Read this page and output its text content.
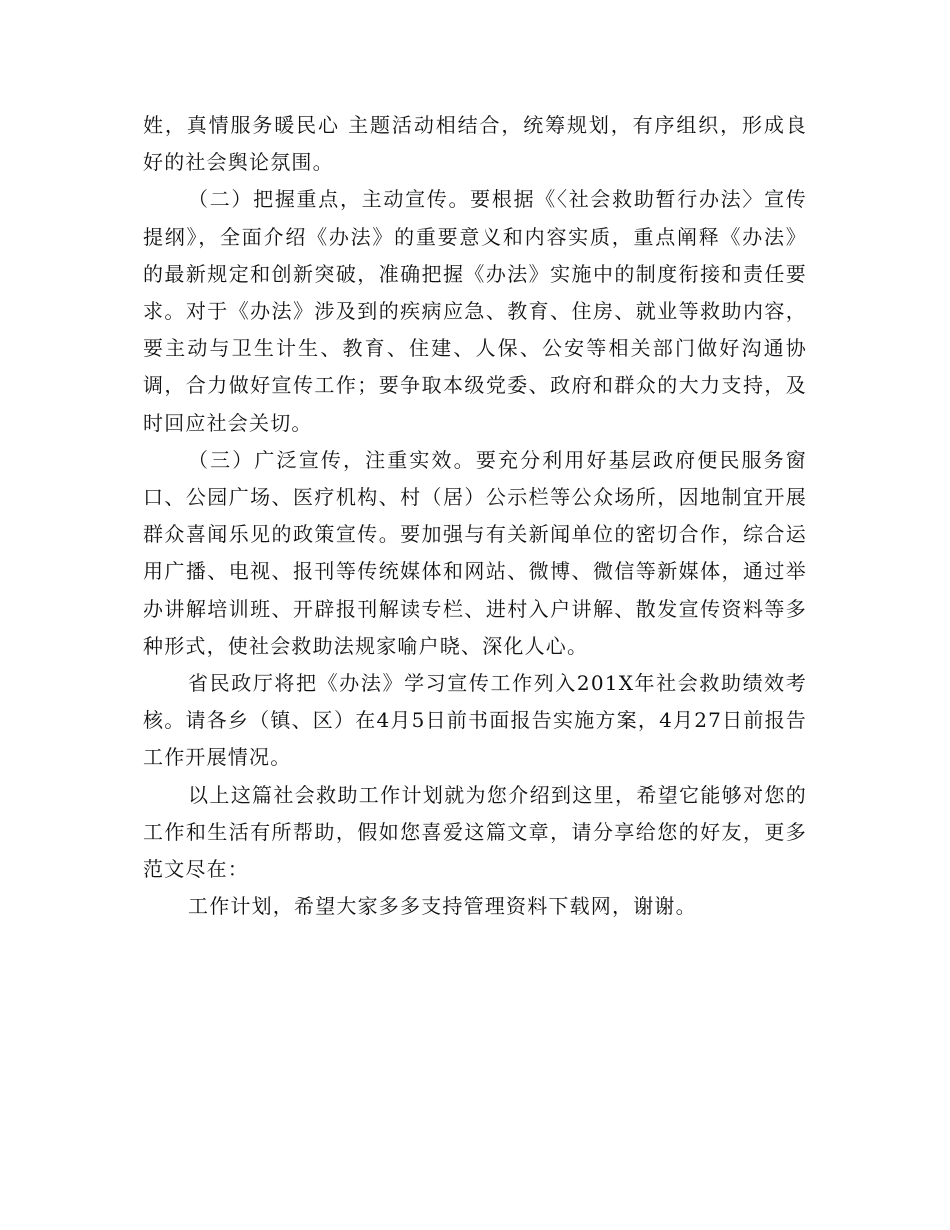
姓，真情服务暖民心 主题活动相结合，统筹规划，有序组织，形成良好的社会舆论氛围。

（二）把握重点，主动宣传。要根据《〈社会救助暂行办法〉宣传提纲》，全面介绍《办法》的重要意义和内容实质，重点阐释《办法》的最新规定和创新突破，准确把握《办法》实施中的制度衔接和责任要求。对于《办法》涉及到的疾病应急、教育、住房、就业等救助内容，要主动与卫生计生、教育、住建、人保、公安等相关部门做好沟通协调，合力做好宣传工作；要争取本级党委、政府和群众的大力支持，及时回应社会关切。

（三）广泛宣传，注重实效。要充分利用好基层政府便民服务窗口、公园广场、医疗机构、村（居）公示栏等公众场所，因地制宜开展群众喜闻乐见的政策宣传。要加强与有关新闻单位的密切合作，综合运用广播、电视、报刊等传统媒体和网站、微博、微信等新媒体，通过举办讲解培训班、开辟报刊解读专栏、进村入户讲解、散发宣传资料等多种形式，使社会救助法规家喻户晓、深化人心。

省民政厅将把《办法》学习宣传工作列入201X年社会救助绩效考核。请各乡（镇、区）在4月5日前书面报告实施方案，4月27日前报告工作开展情况。

以上这篇社会救助工作计划就为您介绍到这里，希望它能够对您的工作和生活有所帮助，假如您喜爱这篇文章，请分享给您的好友，更多范文尽在：

工作计划，希望大家多多支持管理资料下载网，谢谢。
